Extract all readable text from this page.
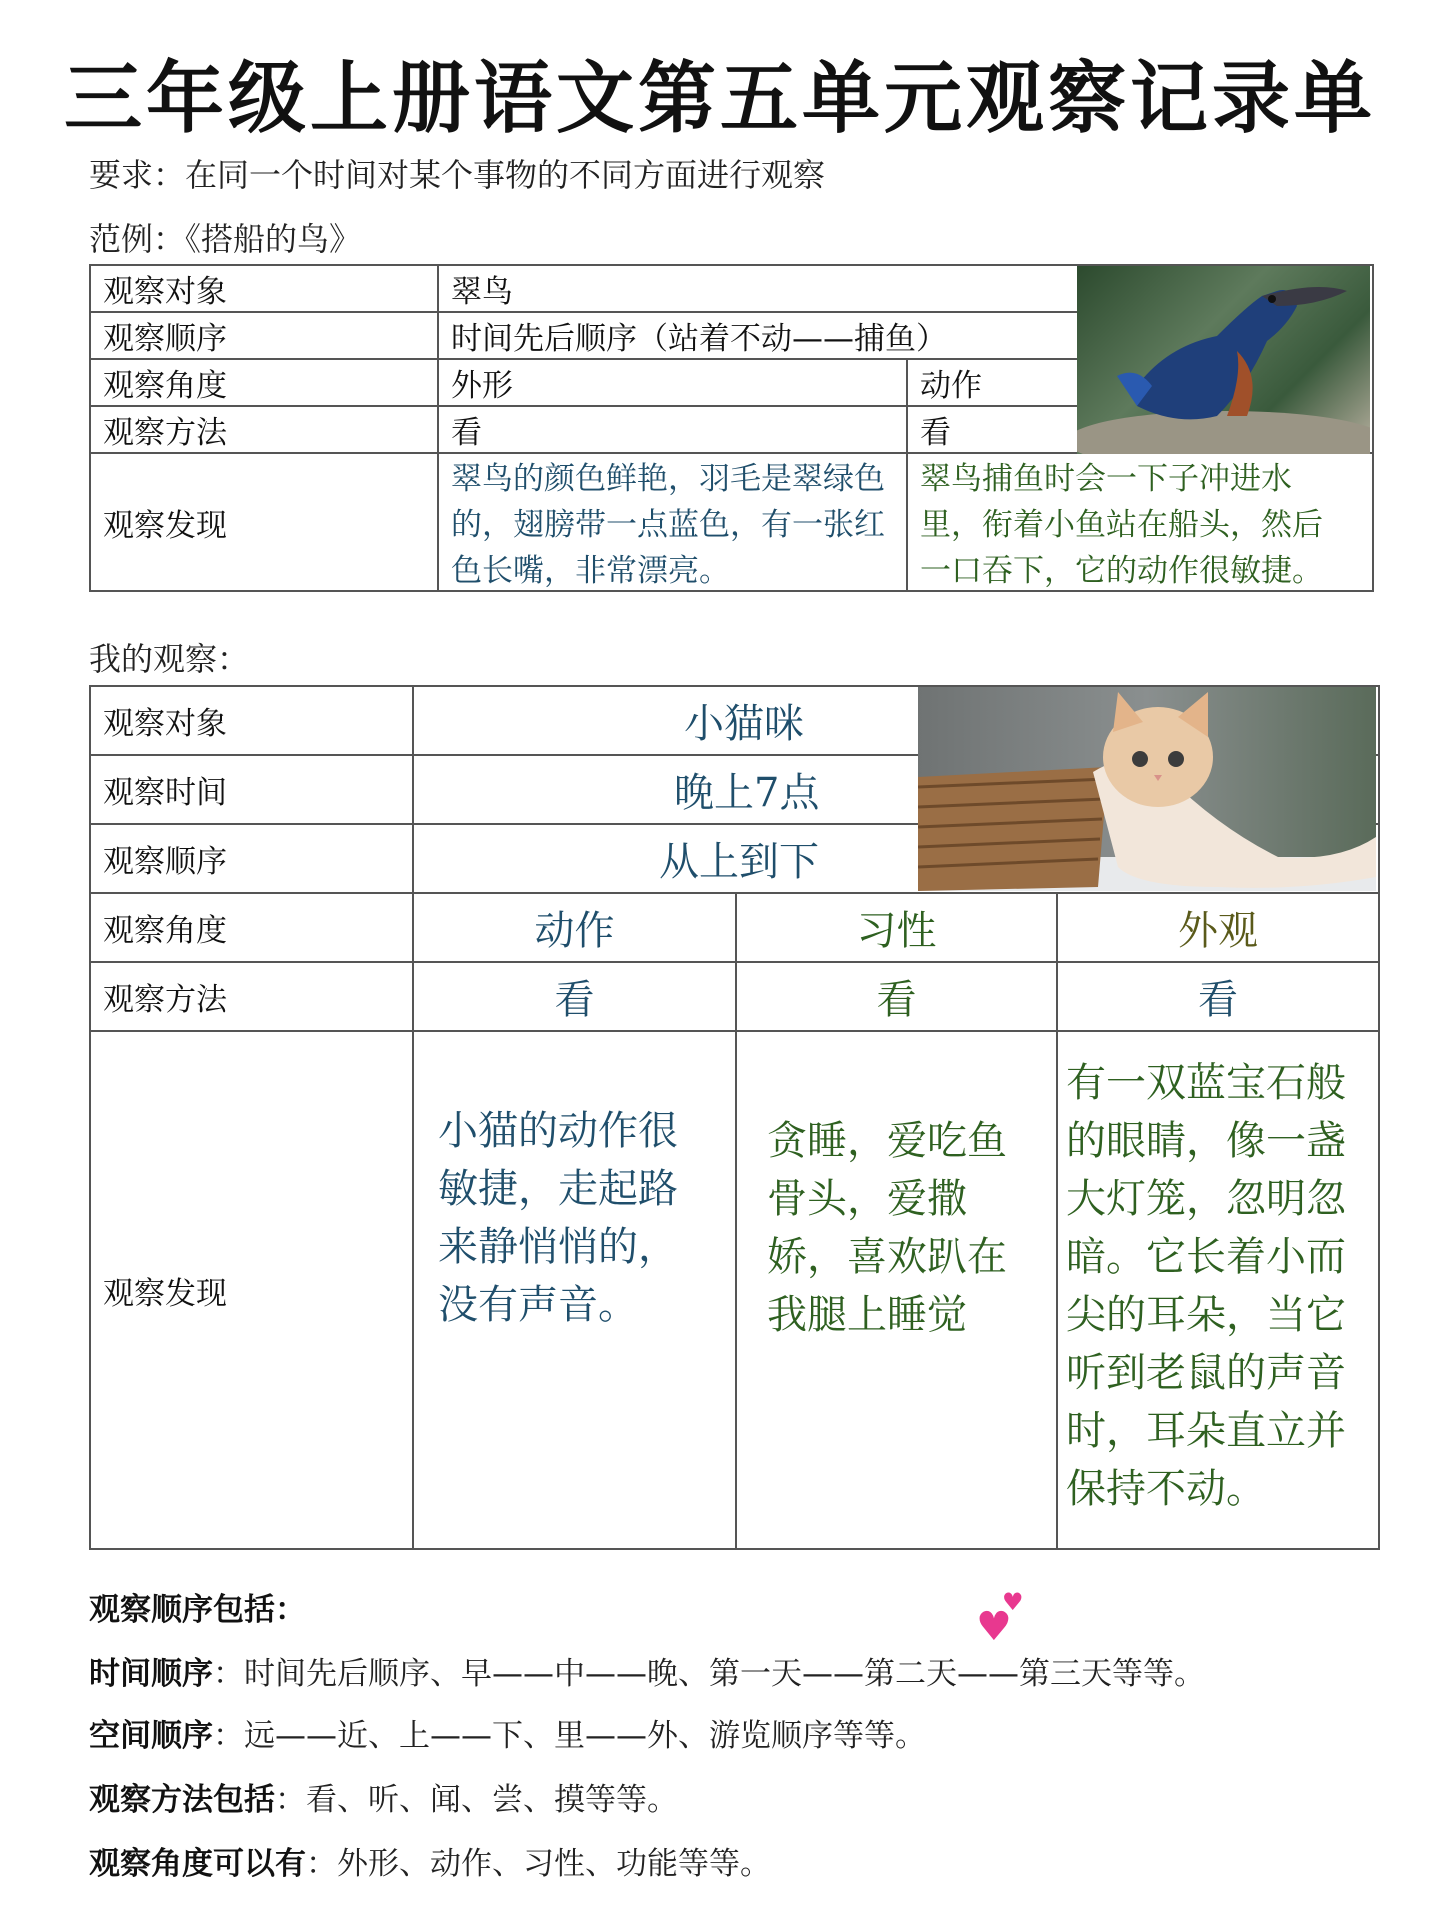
三年级上册语文第五单元观察记录单
要求：在同一个时间对某个事物的不同方面进行观察
范例：《搭船的鸟》
观察对象	翠鸟		
观察顺序	时间先后顺序（站着不动——捕鱼）		
观察角度	外形	动作	
观察方法	看	看	
观察发现	翠鸟的颜色鲜艳，羽毛是翠绿色的，翅膀带一点蓝色，有一张红色长嘴，非常漂亮。	翠鸟捕鱼时会一下子冲进水里，衔着小鱼站在船头，然后一口吞下，它的动作很敏捷。	
我的观察：
观察对象	小猫咪		
观察时间	晚上7点		
观察顺序	从上到下		
观察角度	动作	习性	外观
观察方法	看	看	看
观察发现	小猫的动作很敏捷，走起路来静悄悄的，没有声音。	贪睡，爱吃鱼骨头，爱撒娇，喜欢趴在我腿上睡觉	有一双蓝宝石般的眼睛，像一盏大灯笼，忽明忽暗。它长着小而尖的耳朵，当它听到老鼠的声音时，耳朵直立并保持不动。
观察顺序包括：
时间顺序：时间先后顺序、早——中——晚、第一天——第二天——第三天等等。
空间顺序：远——近、上——下、里——外、游览顺序等等。
观察方法包括：看、听、闻、尝、摸等等。
观察角度可以有：外形、动作、习性、功能等等。
♥
♥
